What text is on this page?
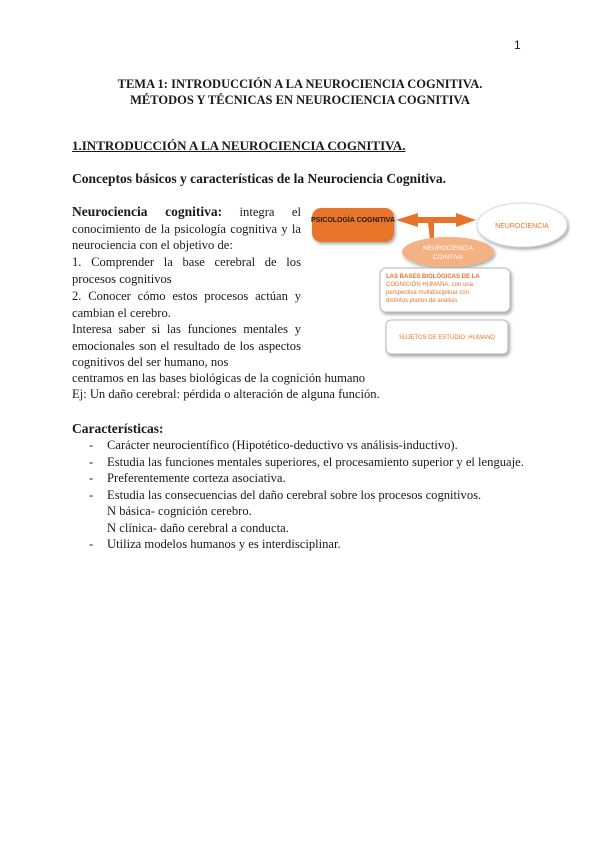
1
TEMA 1: INTRODUCCIÓN A LA NEUROCIENCIA COGNITIVA.
MÉTODOS Y TÉCNICAS EN NEUROCIENCIA COGNITIVA
1.INTRODUCCIÓN A LA NEUROCIENCIA COGNITIVA.
Conceptos básicos y características de la Neurociencia Cognitiva.
Neurociencia cognitiva: integra el conocimiento de la psicología cognitiva y la neurociencia con el objetivo de:
1. Comprender la base cerebral de los procesos cognitivos
2. Conocer cómo estos procesos actúan y cambian el cerebro.
Interesa saber si las funciones mentales y emocionales son el resultado de los aspectos cognitivos del ser humano, nos
centramos en las bases biológicas de la cognición humano
Ej: Un daño cerebral: pérdida o alteración de alguna función.
PSICOLOGÍA COGNITIVA
NEUROCIENCIA
NEUROCIENCIA
COINTIVA
LAS BASES BIOLÓGICAS DE LA
COGNICIÓN HUMANA, con una
perspectiva multidisciplinar con
distintos planos de análisis
SUJETOS DE ESTUDIO: HUMANO
Características:
- Carácter neurocientífico (Hipotético-deductivo vs análisis-inductivo).
- Estudia las funciones mentales superiores, el procesamiento superior y el lenguaje.
- Preferentemente corteza asociativa.
- Estudia las consecuencias del daño cerebral sobre los procesos cognitivos.
N básica- cognición cerebro.
N clínica- daño cerebral a conducta.
- Utiliza modelos humanos y es interdisciplinar.
